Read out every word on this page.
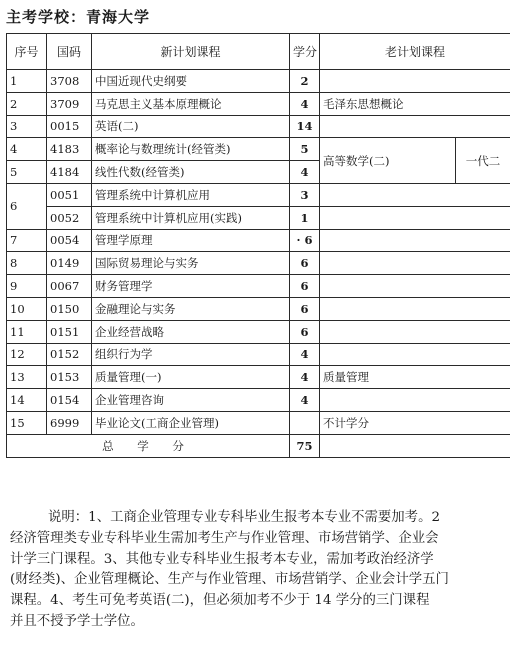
主考学校：青海大学
序号	国码	新计划课程	学分	老计划课程	
1	3708	中国近现代史纲要	2		
2	3709	马克思主义基本原理概论	4	毛泽东思想概论	
3	0015	英语(二)	14		
4	4183	概率论与数理统计(经管类)	5	高等数学(二)	一代二
5	4184	线性代数(经管类)	4		
6	0051	管理系统中计算机应用	3		
	0052	管理系统中计算机应用(实践)	1		
7	0054	管理学原理	· 6		
8	0149	国际贸易理论与实务	6		
9	0067	财务管理学	6		
10	0150	金融理论与实务	6		
11	0151	企业经营战略	6		
12	0152	组织行为学	4		
13	0153	质量管理(一)	4	质量管理	
14	0154	企业管理咨询	4		
15	6999	毕业论文(工商企业管理)		不计学分	
总 学 分			75		

说明：1、工商企业管理专业专科毕业生报考本专业不需要加考。2

经济管理类专业专科毕业生需加考生产与作业管理、市场营销学、企业会

计学三门课程。3、其他专业专科毕业生报考本专业，需加考政治经济学

(财经类)、企业管理概论、生产与作业管理、市场营销学、企业会计学五门

课程。4、考生可免考英语(二)，但必须加考不少于 14 学分的三门课程

并且不授予学士学位。
